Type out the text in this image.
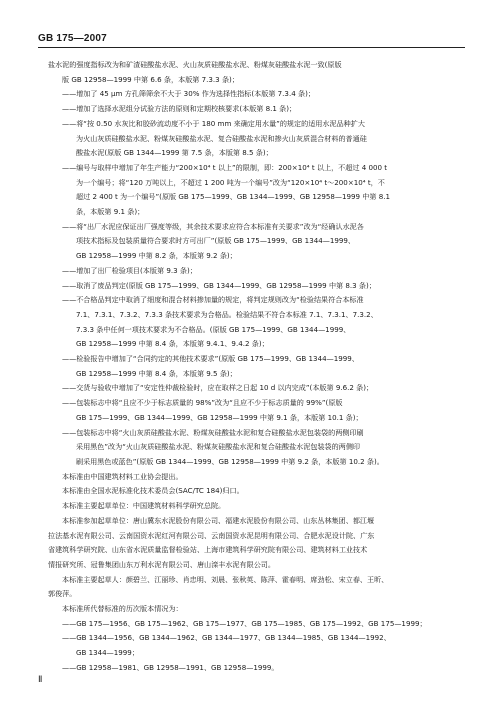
GB 175—2007
盐水泥的强度指标改为和矿渣硅酸盐水泥、火山灰质硅酸盐水泥、粉煤灰硅酸盐水泥一致(原版
版 GB 12958—1999 中第 6.6 条，本版第 7.3.3 条)；
——增加了 45 μm 方孔筛筛余不大于 30% 作为选择性指标(本版第 7.3.4 条)；
——增加了选择水泥组分试验方法的原则和定期校核要求(本版第 8.1 条)；
——将“按 0.50 水灰比和胶砂流动度不小于 180 mm 来确定用水量”的规定的适用水泥品种扩大
为火山灰质硅酸盐水泥、粉煤灰硅酸盐水泥、复合硅酸盐水泥和掺火山灰质混合材料的普通硅
酸盐水泥(原版 GB 1344—1999 第 7.5 条，本版第 8.5 条)；
——编号与取样中增加了年生产能力“200×10⁴ t 以上”的限制，即：200×10⁴ t 以上，不超过 4 000 t
为一个编号；将“120 万吨以上，不超过 1 200 吨为一个编号”改为“120×10⁴ t～200×10⁴ t，不
超过 2 400 t 为一个编号”(原版 GB 175—1999、GB 1344—1999、GB 12958—1999 中第 8.1
条，本版第 9.1 条)；
——将“出厂水泥应保证出厂强度等级，其余技术要求应符合本标准有关要求”改为“经确认水泥各
项技术指标及包装质量符合要求时方可出厂”(原版 GB 175—1999、GB 1344—1999、
GB 12958—1999 中第 8.2 条，本版第 9.2 条)；
——增加了出厂检验项目(本版第 9.3 条)；
——取消了废品判定(原版 GB 175—1999、GB 1344—1999、GB 12958—1999 中第 8.3 条)；
——不合格品判定中取消了细度和混合材料掺加量的规定，将判定规则改为“检验结果符合本标准
7.1、7.3.1、7.3.2、7.3.3 条技术要求为合格品。检验结果不符合本标准 7.1、7.3.1、7.3.2、
7.3.3 条中任何一项技术要求为不合格品。(原版 GB 175—1999、GB 1344—1999、
GB 12958—1999 中第 8.4 条，本版第 9.4.1、9.4.2 条)；
——检验报告中增加了“合同约定的其他技术要求”(原版 GB 175—1999、GB 1344—1999、
GB 12958—1999 中第 8.4 条，本版第 9.5 条)；
——交货与验收中增加了“安定性仲裁检验时，应在取样之日起 10 d 以内完成”(本版第 9.6.2 条)；
——包装标志中将“且应不少于标志质量的 98%”改为“且应不少于标志质量的 99%”(原版
GB 175—1999、GB 1344—1999、GB 12958—1999 中第 9.1 条，本版第 10.1 条)；
——包装标志中将“火山灰质硅酸盐水泥、粉煤灰硅酸盐水泥和复合硅酸盐水泥包装袋的两侧印刷
采用黑色”改为“火山灰质硅酸盐水泥、粉煤灰硅酸盐水泥和复合硅酸盐水泥包装袋的两侧印
刷采用黑色或蓝色”(原版 GB 1344—1999、GB 12958—1999 中第 9.2 条，本版第 10.2 条)。
本标准由中国建筑材料工业协会提出。
本标准由全国水泥标准化技术委员会(SAC/TC 184)归口。
本标准主要起草单位：中国建筑材料科学研究总院。
本标准参加起草单位：唐山冀东水泥股份有限公司、福建水泥股份有限公司、山东丛林集团、都江堰
拉法基水泥有限公司、云南国资水泥红河有限公司、云南国资水泥昆明有限公司、合肥水泥设计院、广东
省建筑科学研究院、山东省水泥质量监督检验站、上海市建筑科学研究院有限公司、建筑材料工业技术
情报研究所、冠鲁集团山东万利水泥有限公司、唐山滦丰水泥有限公司。
本标准主要起草人：颜碧兰、江丽珍、肖忠明、刘晨、张秋英、陈萍、霍春明、席劲松、宋立春、王昕、
郭俊萍。
本标准所代替标准的历次版本情况为：
——GB 175—1956、GB 175—1962、GB 175—1977、GB 175—1985、GB 175—1992、GB 175—1999；
——GB 1344—1956、GB 1344—1962、GB 1344—1977、GB 1344—1985、GB 1344—1992、
GB 1344—1999；
——GB 12958—1981、GB 12958—1991、GB 12958—1999。
Ⅱ
